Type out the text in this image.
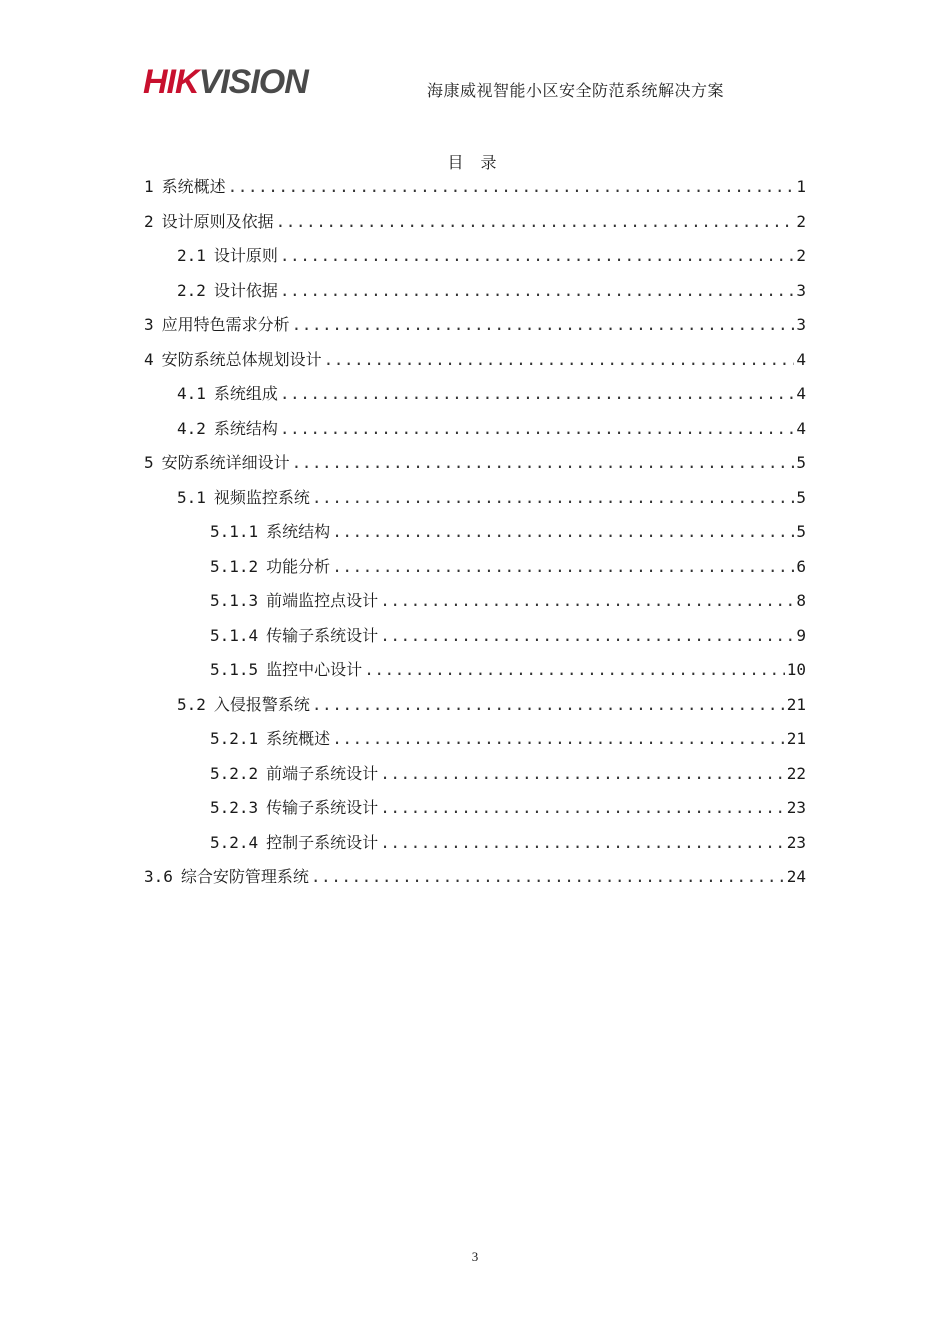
HIKVISION	海康威视智能小区安全防范系统解决方案
目 录
1 系统概述 .....	1
2 设计原则及依据 .....	2
2.1 设计原则 .....	2
2.2 设计依据 .....	3
3 应用特色需求分析 .....	3
4 安防系统总体规划设计 .....	4
4.1 系统组成 .....	4
4.2 系统结构 .....	4
5 安防系统详细设计 .....	5
5.1 视频监控系统 .....	5
5.1.1 系统结构 .....	5
5.1.2 功能分析 .....	6
5.1.3 前端监控点设计 .....	8
5.1.4 传输子系统设计 .....	9
5.1.5 监控中心设计 .....	10
5.2 入侵报警系统 .....	21
5.2.1 系统概述 .....	21
5.2.2 前端子系统设计 .....	22
5.2.3 传输子系统设计 .....	23
5.2.4 控制子系统设计 .....	23
3.6 综合安防管理系统 .....	24
3
